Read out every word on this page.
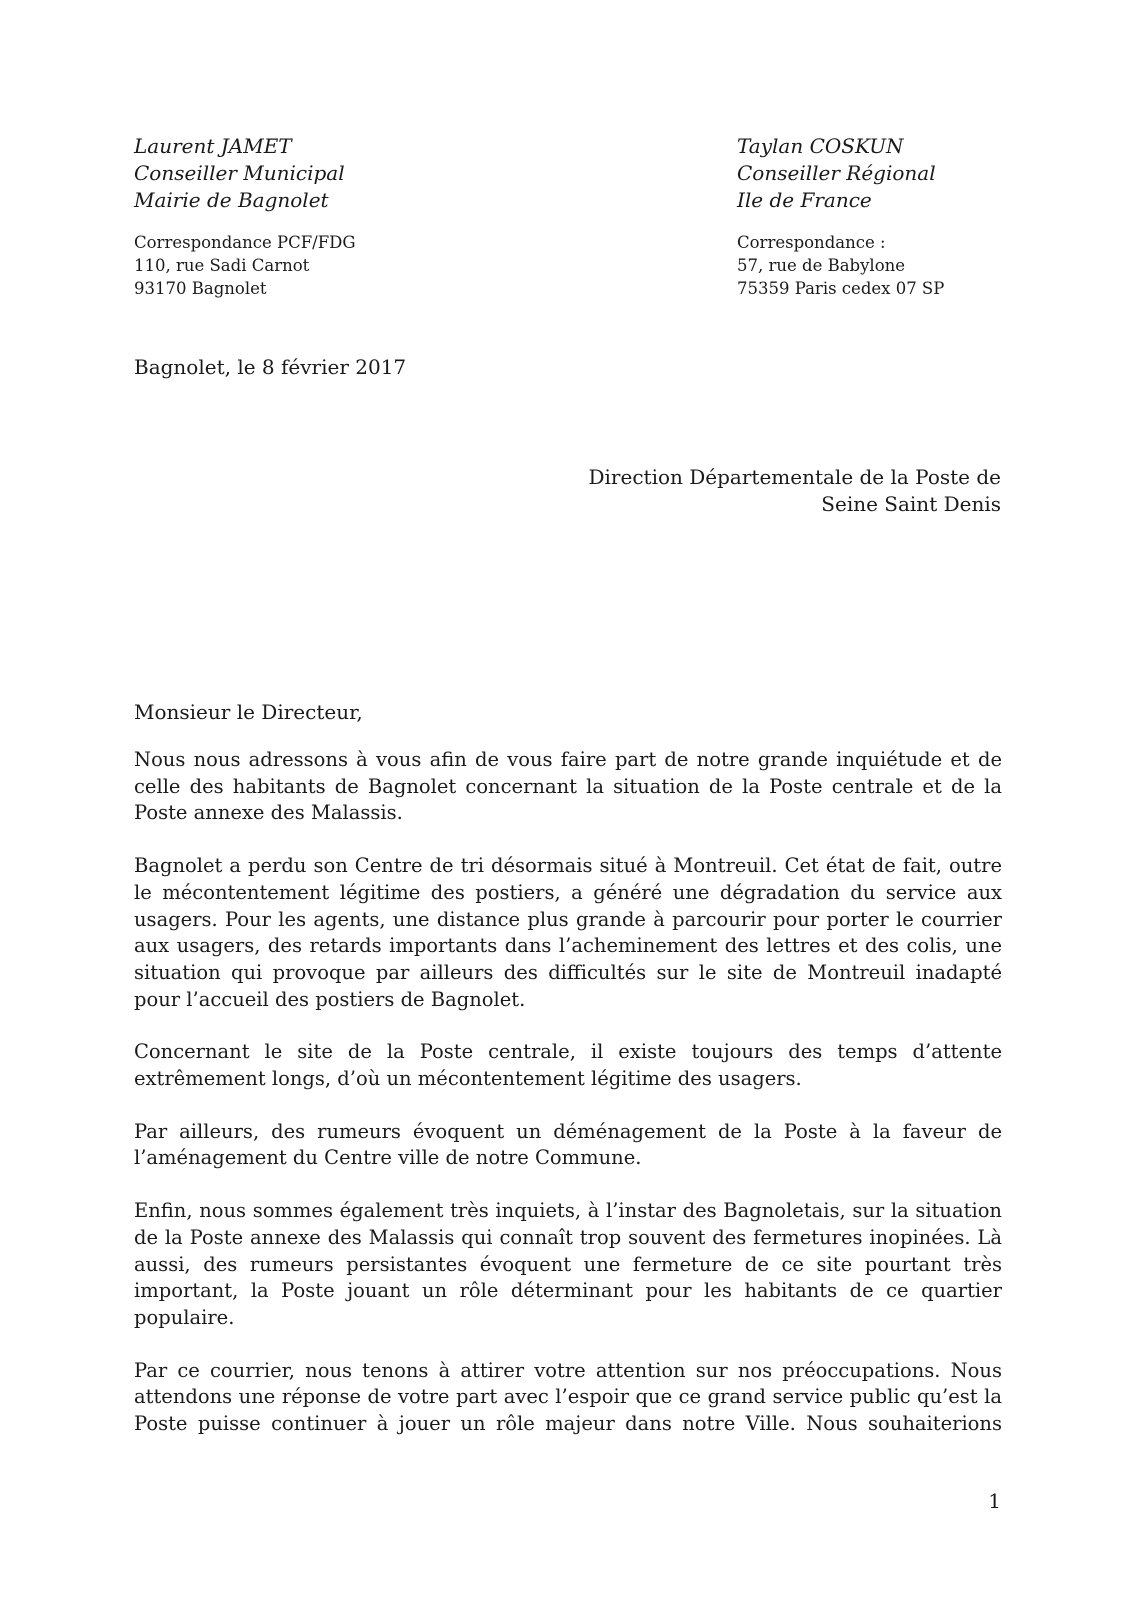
Laurent JAMET
Conseiller Municipal
Mairie de Bagnolet
Correspondance PCF/FDG
110, rue Sadi Carnot
93170 Bagnolet
Taylan COSKUN
Conseiller Régional
Ile de France
Correspondance :
57, rue de Babylone
75359 Paris cedex 07 SP
Bagnolet, le 8 février 2017
Direction Départementale de la Poste de
Seine Saint Denis
Monsieur le Directeur,

Nous nous adressons à vous afin de vous faire part de notre grande inquiétude et de celle des habitants de Bagnolet concernant la situation de la Poste centrale et de la Poste annexe des Malassis.

Bagnolet a perdu son Centre de tri désormais situé à Montreuil. Cet état de fait, outre le mécontentement légitime des postiers, a généré une dégradation du service aux usagers. Pour les agents, une distance plus grande à parcourir pour porter le courrier aux usagers, des retards importants dans l’acheminement des lettres et des colis, une situation qui provoque par ailleurs des difficultés sur le site de Montreuil inadapté pour l’accueil des postiers de Bagnolet.

Concernant le site de la Poste centrale, il existe toujours des temps d’attente extrêmement longs, d’où un mécontentement légitime des usagers.

Par ailleurs, des rumeurs évoquent un déménagement de la Poste à la faveur de l’aménagement du Centre ville de notre Commune.

Enfin, nous sommes également très inquiets, à l’instar des Bagnoletais, sur la situation de la Poste annexe des Malassis qui connaît trop souvent des fermetures inopinées. Là aussi, des rumeurs persistantes évoquent une fermeture de ce site pourtant très important, la Poste jouant un rôle déterminant pour les habitants de ce quartier populaire.

Par ce courrier, nous tenons à attirer votre attention sur nos préoccupations. Nous attendons une réponse de votre part avec l’espoir que ce grand service public qu’est la Poste puisse continuer à jouer un rôle majeur dans notre Ville. Nous souhaiterions

1
